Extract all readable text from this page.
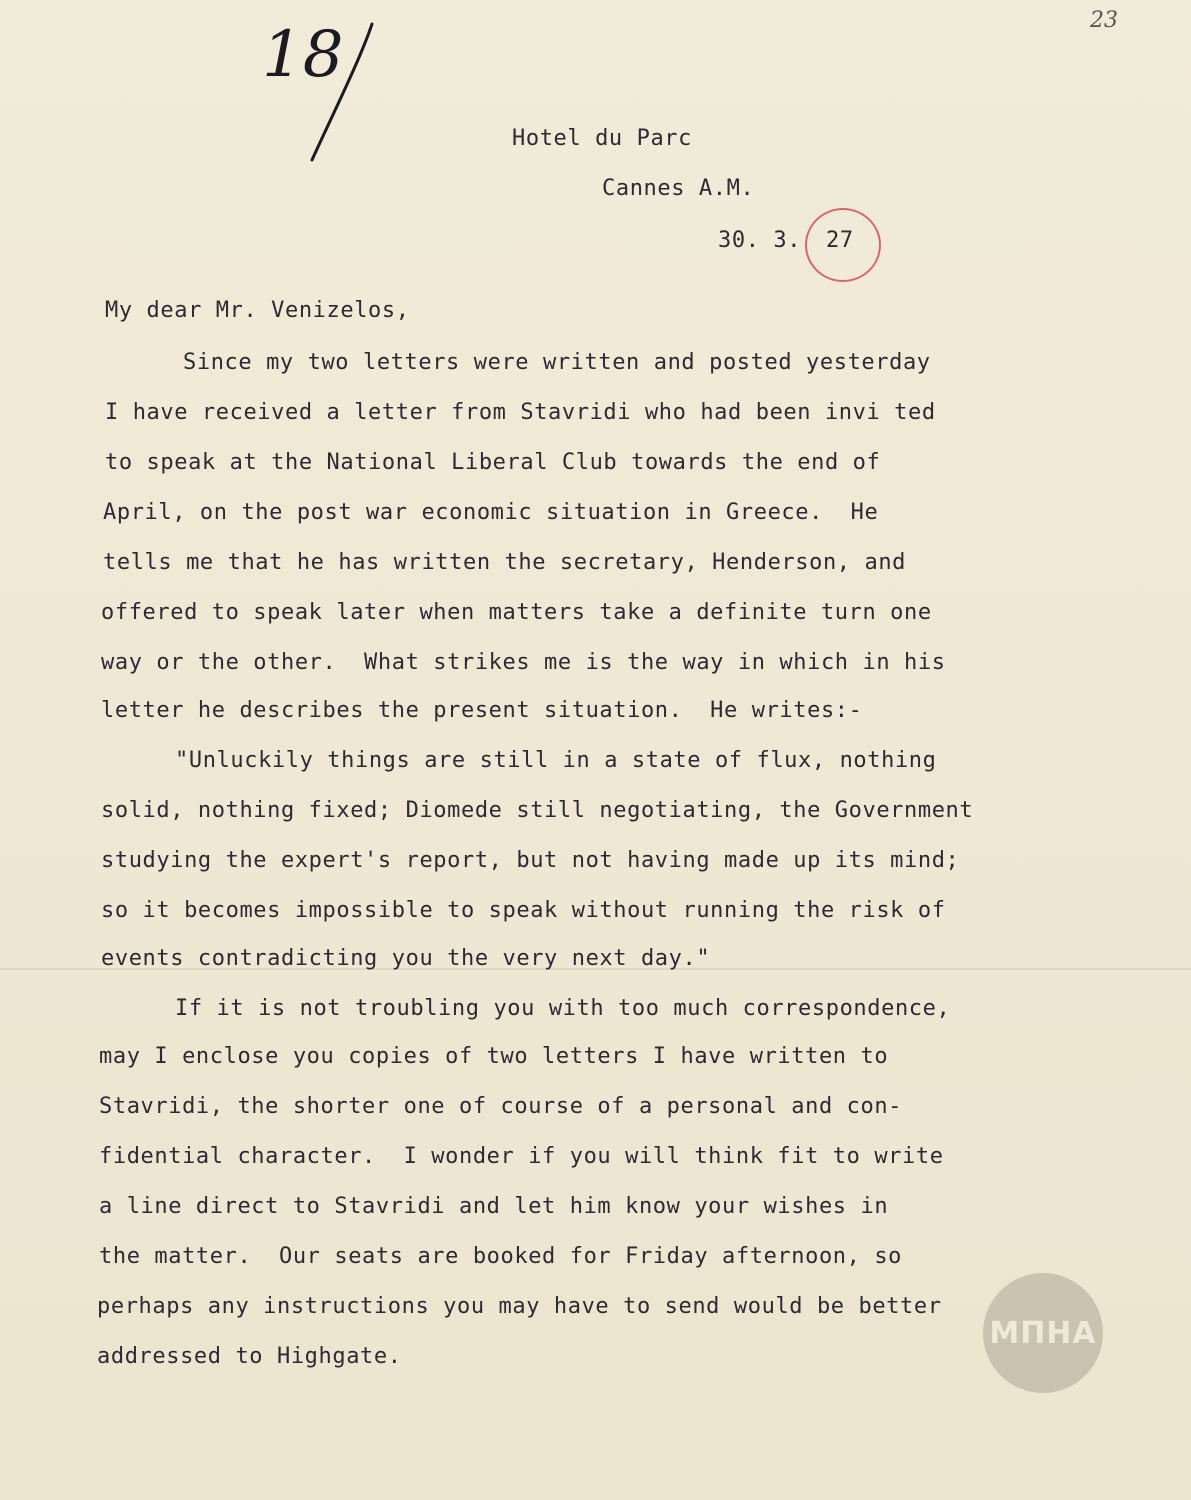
18	23
Hotel du Parc
Cannes A.M.
30. 3. 27
My dear Mr. Venizelos,
Since my two letters were written and posted yesterday
I have received a letter from Stavridi who had been invi ted
to speak at the National Liberal Club towards the end of
April, on the post war economic situation in Greece.  He
tells me that he has written the secretary, Henderson, and
offered to speak later when matters take a definite turn one
way or the other.  What strikes me is the way in which in his
letter he describes the present situation.  He writes:-
"Unluckily things are still in a state of flux, nothing
solid, nothing fixed; Diomede still negotiating, the Government
studying the expert's report, but not having made up its mind;
so it becomes impossible to speak without running the risk of
events contradicting you the very next day."
If it is not troubling you with too much correspondence,
may I enclose you copies of two letters I have written to
Stavridi, the shorter one of course of a personal and con-
fidential character.  I wonder if you will think fit to write
a line direct to Stavridi and let him know your wishes in
the matter.  Our seats are booked for Friday afternoon, so
perhaps any instructions you may have to send would be better
addressed to Highgate.
MΠHA
